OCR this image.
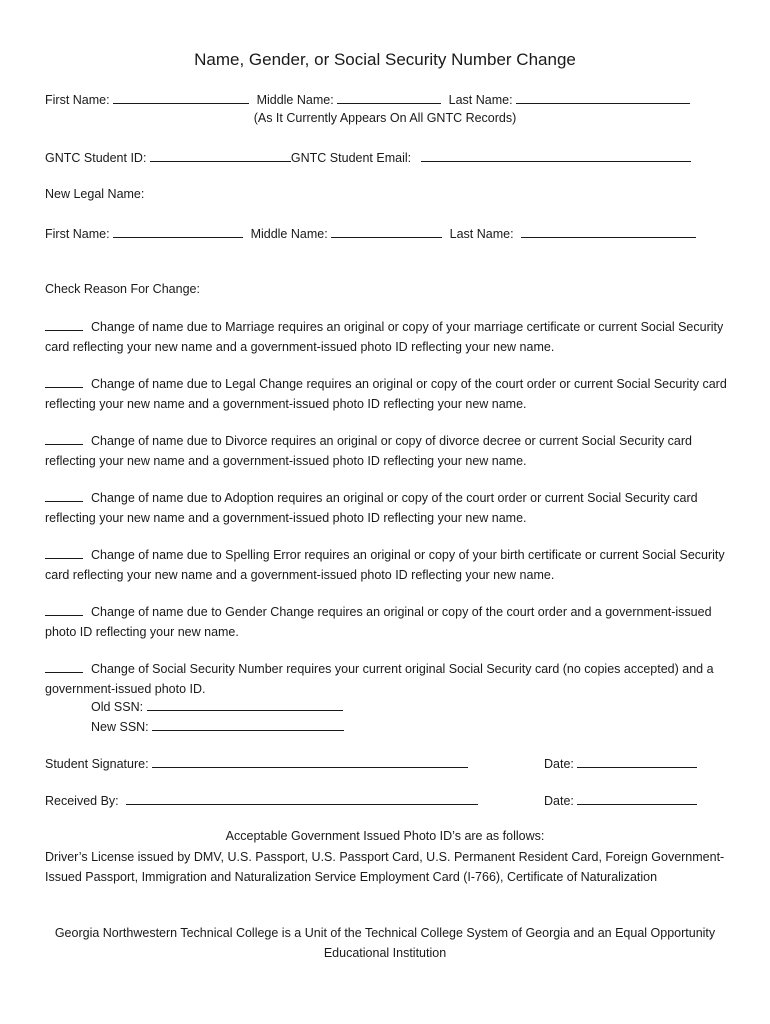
Name, Gender, or Social Security Number Change
First Name:	Middle Name:	Last Name:
(As It Currently Appears On All GNTC Records)
GNTC Student ID:	GNTC Student Email:
New Legal Name:
First Name:	Middle Name:	Last Name:
Check Reason For Change:
Change of name due to Marriage requires an original or copy of your marriage certificate or current Social Security card reflecting your new name and a government-issued photo ID reflecting your new name.
Change of name due to Legal Change requires an original or copy of the court order or current Social Security card reflecting your new name and a government-issued photo ID reflecting your new name.
Change of name due to Divorce requires an original or copy of divorce decree or current Social Security card reflecting your new name and a government-issued photo ID reflecting your new name.
Change of name due to Adoption requires an original or copy of the court order or current Social Security card reflecting your new name and a government-issued photo ID reflecting your new name.
Change of name due to Spelling Error requires an original or copy of your birth certificate or current Social Security card reflecting your new name and a government-issued photo ID reflecting your new name.
Change of name due to Gender Change requires an original or copy of the court order and a government-issued photo ID reflecting your new name.
Change of Social Security Number requires your current original Social Security card (no copies accepted) and a government-issued photo ID.
Old SSN:
New SSN:
Student Signature:	Date:
Received By:	Date:
Acceptable Government Issued Photo ID’s are as follows:
Driver’s License issued by DMV, U.S. Passport, U.S. Passport Card, U.S. Permanent Resident Card, Foreign Government-Issued Passport, Immigration and Naturalization Service Employment Card (I-766), Certificate of Naturalization
Georgia Northwestern Technical College is a Unit of the Technical College System of Georgia and an Equal Opportunity Educational Institution
